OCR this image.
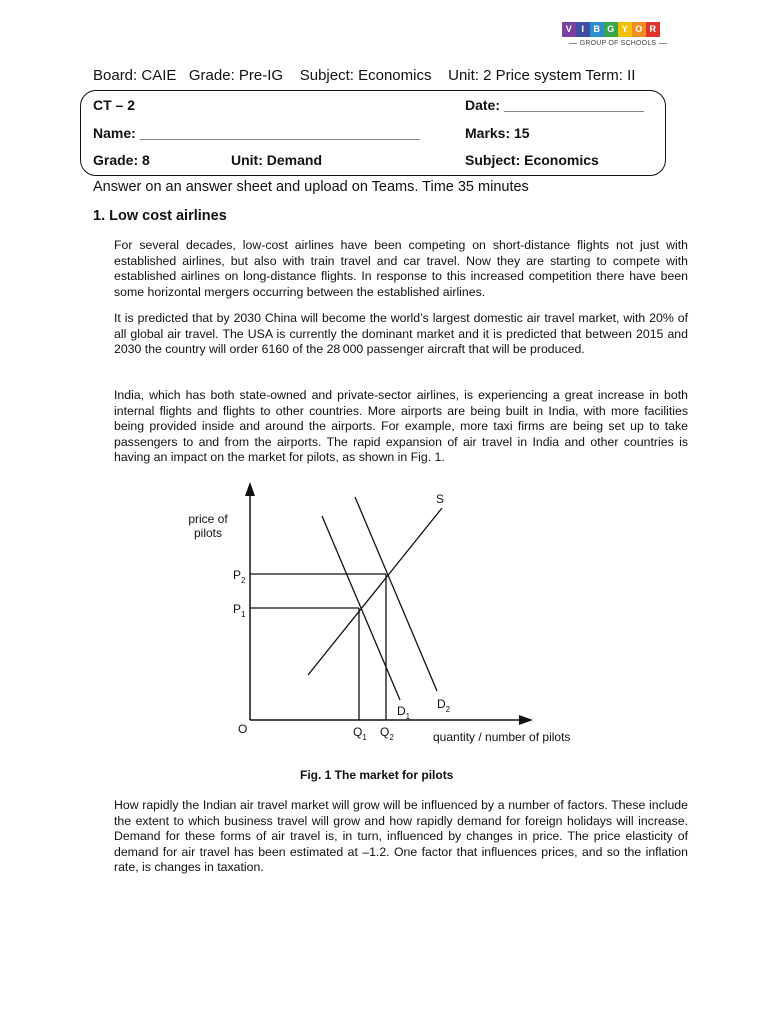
V	I	B G Y O R
GROUP OF SCHOOLS
Board: CAIE   Grade: Pre-IG    Subject: Economics    Unit: 2 Price system Term: II
CT – 2	Date: __________________
Name: ____________________________________	Marks: 15
Grade: 8	Unit: Demand	Subject: Economics
Answer on an answer sheet and upload on Teams. Time 35 minutes
1. Low cost airlines
For several decades, low-cost airlines have been competing on short-distance flights not just with established airlines, but also with train travel and car travel. Now they are starting to compete with established airlines on long-distance flights. In response to this increased competition there have been some horizontal mergers occurring between the established airlines.
It is predicted that by 2030 China will become the world’s largest domestic air travel market, with 20% of all global air travel. The USA is currently the dominant market and it is predicted that between 2015 and 2030 the country will order 6160 of the 28 000 passenger aircraft that will be produced.
India, which has both state-owned and private-sector airlines, is experiencing a great increase in both internal flights and flights to other countries. More airports are being built in India, with more facilities being provided inside and around the airports. For example, more taxi firms are being set up to take passengers to and from the airports. The rapid expansion of air travel in India and other countries is having an impact on the market for pilots, as shown in Fig. 1.
price of
pilots
quantity / number of pilots
O
S
$P_2$
$P_1$
$Q_1$ $Q_2$
$D_1$
$D_2$
Fig. 1 The market for pilots
How rapidly the Indian air travel market will grow will be influenced by a number of factors. These include the extent to which business travel will grow and how rapidly demand for foreign holidays will increase. Demand for these forms of air travel is, in turn, influenced by changes in price. The price elasticity of demand for air travel has been estimated at –1.2. One factor that influences prices, and so the inflation rate, is changes in taxation.
